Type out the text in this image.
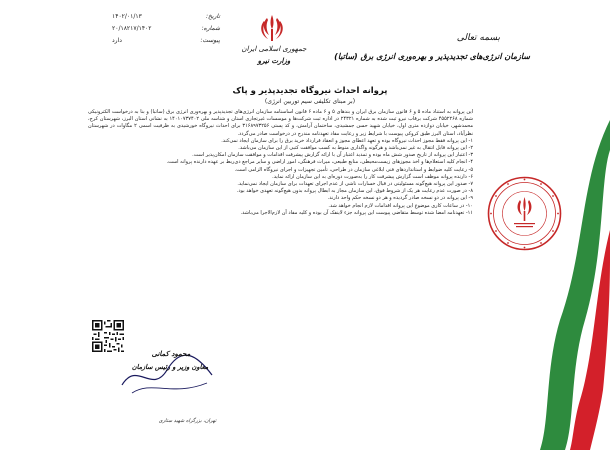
بسمه تعالی
سازمان انرژی‌های تجدیدپذیر و بهره‌وری انرژی برق (ساتبا)
جمهوری اسلامی ایران
وزارت نیرو
تاریخ:
۱۴۰۲/۰۱/۱۳
شماره:
۲۰/۱۸۲۱۷/۱۴۰۲
پیوست:
دارد
پروانه احداث نیروگاه تجدیدپذیر و پاک
(بر مبنای تکلیفی سیم توربین انرژی)

این پروانه به استناد ماده ۵ و ۶ قانون سازمان برق ایران و بندهای ۵ و ۶ ماده ۶ قانون اساسنامه سازمان انرژی‌های تجدیدپذیر و بهره‌وری انرژی برق (ساتبا) و بنا به درخواست الکترونیکی شماره ۴۵۵۲۲۶۸ شرکت برقاب نیرو ثبت شده به شماره ۲۴۳۲۱ در اداره ثبت شرکت‌ها و موسسات غیرتجاری استان و شناسه ملی ۱۴۰۱۰۷۳۷۴۰۲ به نشانی استان البرز، شهرستان کرج، محمدشهر، خیابان دوازده متری اول، خیابان شهید حسن جمشیدی، ساختمان آرامش، و کد پستی ۳۱۶۸۹۷۳۲۵۶ برای احداث نیروگاه خورشیدی به ظرفیت اسمی ۲ مگاوات در شهرستان نظرآباد، استان البرز طبق کروکی پیوست با شرایط زیر و رعایت مفاد تعهدنامه مندرج در درخواست صادر می‌گردد.

۱- این پروانه فقط مجوز احداث نیروگاه بوده و تعهد اعطای مجوز و انعقاد قرارداد خرید برق را برای سازمان ایجاد نمی‌کند.

۲- این پروانه قابل انتقال به غیر نمی‌باشد و هرگونه واگذاری منوط به کسب موافقت کتبی از این سازمان می‌باشد.

۳- اعتبار این پروانه از تاریخ صدور شش ماه بوده و تمدید اعتبار آن با ارائه گزارش پیشرفت اقدامات و موافقت سازمان امکان‌پذیر است.

۴- انجام کلیه استعلام‌ها و اخذ مجوزهای زیست‌محیطی، منابع طبیعی، میراث فرهنگی، امور اراضی و سایر مراجع ذی‌ربط بر عهده دارنده پروانه است.

۵- رعایت کلیه ضوابط و استانداردهای فنی ابلاغی سازمان در طراحی، تأمین تجهیزات و اجرای نیروگاه الزامی است.

۶- دارنده پروانه موظف است گزارش پیشرفت کار را به‌صورت دوره‌ای به این سازمان ارائه نماید.

۷- صدور این پروانه هیچ‌گونه مسئولیتی در قبال خسارات ناشی از عدم اجرای تعهدات برای سازمان ایجاد نمی‌نماید.

۸- در صورت عدم رعایت هر یک از شروط فوق، این سازمان مجاز به ابطال پروانه بدون هیچ‌گونه تعهدی خواهد بود.

۹- این پروانه در دو نسخه صادر گردیده و هر دو نسخه حکم واحد دارند.

۱۰- در ساعات کاری موضوع این پروانه اقدامات لازم انجام خواهد شد.

۱۱- تعهدنامه امضا شده توسط متقاضی پیوست این پروانه جزء لاینفک آن بوده و کلیه مفاد آن لازم‌الاجرا می‌باشد.

محمود کمانی
معاون وزیر و رئیس سازمان
تهران، بزرگراه شهید ستاری
